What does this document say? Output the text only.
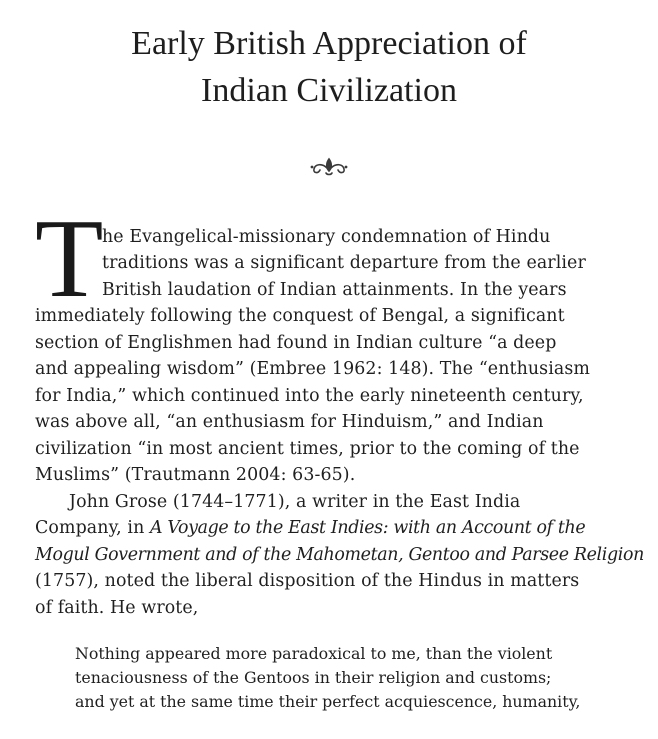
Early British Appreciation of
Indian Civilization
T

he Evangelical-missionary condemnation of Hindu

traditions was a significant departure from the earlier

British laudation of Indian attainments. In the years

immediately following the conquest of Bengal, a significant

section of Englishmen had found in Indian culture “a deep

and appealing wisdom” (Embree 1962: 148). The “enthusiasm

for India,” which continued into the early nineteenth century,

was above all, “an enthusiasm for Hinduism,” and Indian

civilization “in most ancient times, prior to the coming of the

Muslims” (Trautmann 2004: 63-65).

John Grose (1744–1771), a writer in the East India

Company, in A Voyage to the East Indies: with an Account of the

Mogul Government and of the Mahometan, Gentoo and Parsee Religion

(1757), noted the liberal disposition of the Hindus in matters

of faith. He wrote,

Nothing appeared more paradoxical to me, than the violent

tenaciousness of the Gentoos in their religion and customs;

and yet at the same time their perfect acquiescence, humanity,
